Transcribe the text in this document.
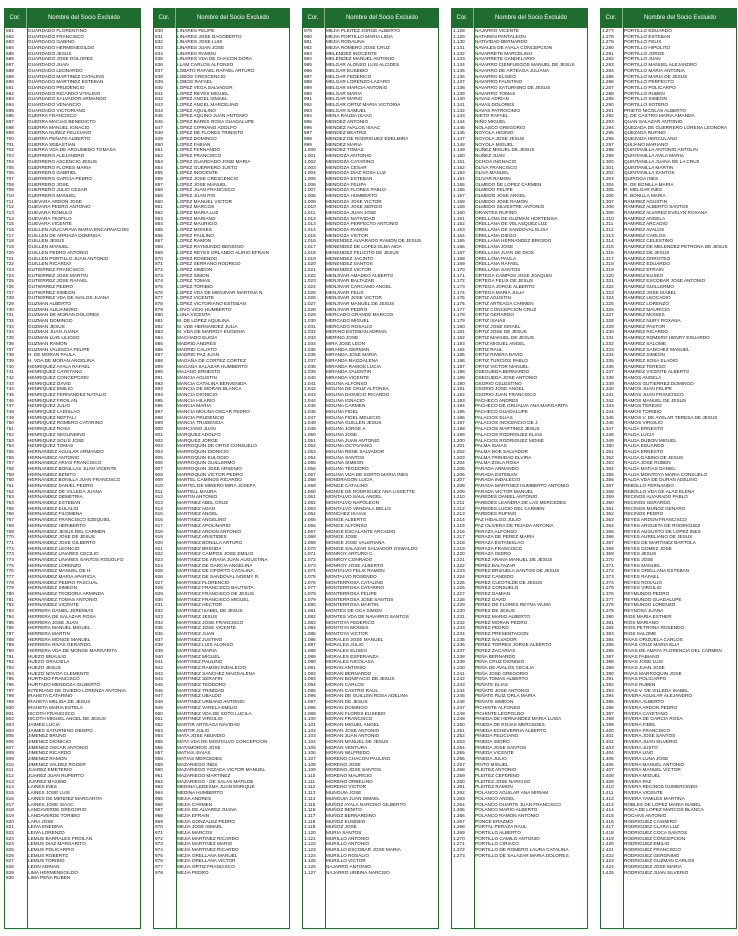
Cor.	Nombre del Socio Excluido
681	GUARDADO FLORENTINO
682	GUARDADO FRANCISCO
683	GUARDADO GABINO
684	GUARDADO HERMENEGILDO
685	GUARDADO JESUS
686	GUARDADO JOSE DOLORES
687	GUARDADO JUAN
688	GUARDADO LEONARDO
689	GUARDADO MARTINEZ CATALINO
690	GUARDADO MARTINEZ ESTEBAN
691	GUARDADO PRUDENCIO
692	GUARDADO RICARDO VITALINO
693	GUARDADO SALVADOR ARMANDO
694	GUARDADO VENANCIO
695	GUARDADO VICTORIANO
696	GUERRA FRANCISCO
697	GUERRA MACIAS BENEDICTO
698	GUERRA MANUEL IGNACIO
699	GUERRA NUÑEZ FELICIANO
700	GUERRA PEÑATE ALBERTO
701	GUERRA SEBASTIAN
702	GUERRA VDA DE ARGUMEDO TOMASA
703	GUERRERO ALEJANDRO
704	GUERRERO ASCENCIO JESUS
705	GUERRERO FLORES MARIA
706	GUERRERO GABRIEL
707	GUERRERO GARCIA PEDRO
708	GUERRERO JOSE
709	GUERRERO JULIO CESAR
710	GUERRERO MANUEL
711	GUEVARA ARDON JOSE
712	GUEVARA PEDRO ANTONIO
713	GUEVARA ROMULO
714	GUEVARA TEOFILO
715	GUEVARA VICENTE
716	GUILLEN AZUCARAVA MARIA ENCARNACION
717	GUILLEN DE ARRIAZA DOMINGA
718	GUILLEN JESUS
719	GUILLEN MANUEL
720	GUILLEN PEDRO ANTONIO
721	GUILLEN PORTILLO JUAN ANTONIO
722	GUILLEN RICARDO
723	GUTIERREZ FRANCISCO
724	GUTIERREZ JOSE MARTIN
725	GUTIERREZ JOSE RAFAEL
726	GUTIERREZ PEDRO
727	GUTIERREZ SIMEON
728	GUTIERREZ VDA DE AVALOS JUANA
729	GUZMAN ALBERTO
730	GUZMAN ALEJANDRO
731	GUZMAN DE MORAN DOLORES
732	GUZMAN DOMINGO
733	GUZMAN JESUS
734	GUZMAN JUAN JUANA
735	GUZMAN LUIS LILIOSO
736	GUZMAN RAMON
737	GUZMAN VALENCIA FELIPE
738	H. DE MORAN PAULA
739	H. VDA DE MORAN ANGELINA
740	HENRIQUEZ AYALA RAFAEL
741	HENRIQUEZ CAYETANO
742	HENRIQUEZ CONCEPCION
743	HENRIQUEZ DAVID
744	HENRIQUEZ EMILIO
745	HENRIQUEZ FERNANDEZ NATALIO
746	HENRIQUEZ FROILAN
747	HENRIQUEZ JULIO
748	HENRIQUEZ LADISLAO
749	HENRIQUEZ NEFTALI
750	HENRIQUEZ ROMERO CATARINO
751	HENRIQUEZ ROSA
752	HENRIQUEZ SEGUNDINO
753	HENRIQUEZ SOLIS JOSE
754	HENRIQUEZ TOMAS
755	HERNANDEZ AGUILAR ARMANDO
756	HERNANDEZ ANTONIO
757	HERNANDEZ ARIAS FRANCISCO
758	HERNANDEZ BONILLAS JUAN VICENTE
759	HERNANDEZ BENITO
760	HERNANDEZ BONILLA JUAN FRANCISCO
761	HERNANDEZ DANIEL PEDRO
762	HERNANDEZ DE VILLEDA JUANA
763	HERNANDEZ DEMETRIA
764	HERNANDEZ ESTEBAN
765	HERNANDEZ EULALIO
766	HERNANDEZ FILOMENA
767	HERNANDEZ FRANCISCO EZEQUIEL
768	HERNANDEZ HERIBERTO
769	HERNANDEZ JESUS DEL CARMEN
770	HERNANDEZ JOSE DE JESUS
771	HERNANDEZ JOSE GILBERTO
772	HERNANDEZ LEONCIO
773	HERNANDEZ LINARES CECILIO
774	HERNANDEZ LINARES SANTOS RODOLFO
775	HERNANDEZ LORENZO
776	HERNANDEZ MANUEL DE H.
777	HERNANDEZ MARIA APARICIA
778	HERNANDEZ PEDRO PASCUAL
779	HERNANDEZ SIMEON
780	HERNANDEZ TEODORA ARMINDA
781	HERNANDEZ TOMAS ANTONIO
782	HERNANDEZ VICENTE
783	HERRERA DANIEL JEREMIAS
784	HERRERA DE SALAZAR ROSA
785	HERRERA JOSE JUAN
786	HERRERA MANUEL MIGUEL
787	HERRERA MARTIN
788	HERRERA MONGE MANUEL
789	HERRERA RIVAS GERARDO
790	HERRERA VDA DE MONGE MARGARITA
791	HUEZO BRAULIO
792	HUEZO GRACIELA
793	HUEZO JESUS
794	HUEZO NOVOA CLEMENTE
795	HURTADO FRANCISCO
796	HURTADO MENDOZA GILBERTO
797	INTERIANO DE OVIEDO LORENZA ANTONIA
798	IRAHETA CATARINO
799	IRAHETA MELIDA DE JESUS
800	IRAHETA MARIA ESTELA
801	ISCOTH FRANCISCO
802	ISCOTH MIGUEL ANGEL DE JESUS
803	JAIMES LUCIA
804	JAIMES SATURNINO OBISPO
805	JIMENEZ BRUNO
806	JIMENEZ DIONICIO
807	JIMENEZ OSCAR ANTONIO
808	JIMENEZ RICARDO
809	JIMENEZ RAMON
810	JIMENEZ VALDEZ ROGER
811	JUAREZ EMETERIO
812	JUAREZ JUAN RUPERTO
813	JUAREZ MAXIMO
814	LAINES INES
815	LAINES JOSE LUIS
816	LAINES DE MENDEZ MARGARITA
817	LAINES JOSE ISAAC
818	LANDAVERDE GREGORIO
819	LANDAVERDE TORIBIO
820	LARA JOSE
821	LEIVA ENEDINA
822	LEIVA LORENZO
823	LEMUS BARRALES FROILAN
824	LEMUS DIAZ MARGARITO
825	LEMUS POLICARPIO
826	LEMUS ROBERTO
827	LEMUS TORIBIO
828	LEON ADRIAN
829	LIMA HERMENEGILDO
830	LIMA PEÑA RUBEN
Cor.	Nombre del Socio Excluido
830	LINARES FELIPE
831	LINARES JOSE DAGOBERTO
832	LINARES JOSE LUIS
833	LINARES JUAN JOSE
834	LINARES RAMON
835	LINARES VDA DE CHACON DORA
836	LLAM CARLOS ALFONSO
837	LOBATO RAFAEL RAFAEL ARTURO
838	LOBOS CRESCENCIO
839	LOBOS RAFAEL
840	LOPEZ VEGA SALVADOR
841	LOPEZ REYES MIGUEL
842	LOPEZ ANGEL ISMAEL
843	LOPEZ ANGEL MARCELINO
844	LOPEZ AQUILINO
845	LOPEZ AQUINO JUAN ANTONIO
846	LOPEZ BARES ROSA GUADALUPE
847	LOPEZ CIPRIANO ADOLFO
848	LOPEZ DE FLORES TRINISTO
849	LOPEZ DOMINGO
850	LOPEZ FABIAN
851	LOPEZ FERNANDO
852	LOPEZ FRANCISCO
853	LOPEZ GUARDADO JOSE MARIA
854	LOPEZ GUERRERO JUSTO
855	LOPEZ INOCENTE
856	LOPEZ JOSE CRESCENCIO
857	LOPEZ JOSE MANUEL
858	LOPEZ JUAN FRANCISCO
859	LOPEZ JUAN PIO
860	LOPEZ MANUEL VICTOR
861	LOPEZ MARCOS
862	LOPEZ MARIA LUZ
863	LOPEZ MARIANO
864	LOPEZ MAURICIO
865	LOPEZ MOISES
866	LOPEZ PAULINO
867	LOPEZ RAMON
868	LOPEZ RAYMUNDO BENIGNO
869	LOPEZ REYES ORLANDO ALIRIO EFRAIN
870	LOPEZ ROSENDO
871	LOPEZ SERRANO RODRIGO
872	LOPEZ SIMEON
873	LOPEZ SIMON
874	LOPEZ TOMAS
875	LOPEZ TORIBIO
876	LOPEZ VDA DE MENJIVAR MARTINA N.
877	LOPEZ VICENTE
878	LOPEZ VICTORIANO ESTEBAN
879	LOVO VICKI HUMBERTO
880	LUNA VICENTA
881	M. DE LOPEZ AQUILINA
882	M. VDE HERNANDEZ JULIA
883	M. VDA DE MARROY EUGENIA
884	MACHADO ELIGIA
885	MADRID ANDRES
886	MADRID CALIXTO
887	MADRID PAZ JUAN
888	MAGAÑA DE CORTEZ CORTEZ
889	MAGAÑA SALAZAR HUMBERTO
890	MAJANO ERNESTO
891	MANCIA AGUSTIN
892	MANCIA CATALINA BENVENIDA
893	MANCIA DE MORAN BLANCA
894	MANCIA DIONICIO
895	MANCIA HILARIO
896	MANCIA MARIA
897	MANCIA MOLINA OSCAR PEDRO
898	MANCIA PRUDENCIO
899	MANCIA TRUDENCIA
900	MARCIANO JUAN
901	MARQUEZ ADOLFO
902	MARQUEZ JORGE
903	MARROQUIN DE ORTIZ CONSUELO
904	MARROQUIN DIONICIO
905	MARROQUIN EULOGIO
906	MARROQUIN GUILLERMO
907	MARROQUIN JOSE ARSENIO
908	MARROQUIN VICTOR PEDRO
909	MARTEL CAMINOS RICARDO
910	MARTEL DE MINERO MIRA JOSEFA
911	MARTELL MAURA
912	MARTIN ANTONIO
913	MARTINEZ ABEL CRUZ
914	MARTINEZ ADAN
915	MARTINEZ ANGEL
916	MARTINEZ ANGELINO
917	MARTINEZ APOLINARIO
918	MARTINEZ ARDON ANTONIO
919	MARTINEZ ARISTIDES
920	MARTINEZ BONILLA ARTURO
921	MARTINEZ BRIGIDA
922	MARTINEZ CAMPOS JOSE EMILIO
923	MARTINEZ DE ARANA JUAN AUGUSTINA
924	MARTINEZ DE GARCIA ANGELINA
925	MARTINEZ DE OPORTO CATALINA
926	MARTINEZ DE SANDOVAL NOEMY R.
927	MARTINEZ FLORENCIO
928	MARTINEZ FRANCISCO BAUTISTA
929	MARTINEZ FRANCISCO DE JESUS
930	MARTINEZ FRANCISCO MIGUEL
931	MARTINEZ HECTOR
932	MARTINEZ ISABEL DE JESUS
933	MARTINEZ JESUS
934	MARTINEZ JOSE FRANCISCO
935	MARTINEZ JOSE VICENTE
936	MARTINEZ JUAN
937	MARTINEZ JUSTINO
938	MARTINEZ LUIS ALONSO
939	MARTINEZ MARIA
940	MARTINEZ MIGUEL
941	MARTINEZ PAULINO
942	MARTINEZ RAMON INDALECIO
943	MARTINEZ SANCHEZ MAGDALENA
944	MARTINEZ SERAFIN
945	MARTINEZ TEODORO
946	MARTINEZ TRINIDAD
947	MARTINEZ UBALDO
948	MARTINEZ URBANO ANTONIO
949	MARTINEZ VARELA EMILIO
950	MARTINEZ VDA DE SOTO LUCILA
951	MARTINEZ VIRGILIO
952	MARTIR ARTEAGA NAVIDAD
953	MARTIR JULIO
954	MATA JOSE ABUNDIO
955	MATA VDA DE MONTALVO CONCEPCION
956	MATAMOROS JOSE
957	MATIAS ISAIAS
958	MATIAS MERCEDES
959	MAZARIEGO INES
960	MAZARIEGO YGZADA VICTOR MANUEL
961	MAZARIEGO MARTINEZ
962	MAZARIEGO - DE SALAS MATILDE
963	MEDINA LEDESMA JUAN ENRIQUE
964	MEDINA HUMBERTO
965	MEJIA ANDRES
966	MEJIA CARMEN
967	MEJIA DE ALVAREZ JUANA
968	MEJIA EFRAIN
969	MEJIA GONZALEZ PEDRO
970	MEJIA JOSE ISMAEL
971	MEJIA MARCOS
972	MEJIA MARTINEZ RICARDO
973	MEJIA MARTINEZ MARIO
974	MEJIA MARTINEZ RICARDO
975	MEJIA ORELLANA MANUEL
976	MEJIA ORELLANA VICTOR
977	MEJIA ORTIZ FRANCISCO
978	MEJIA PEDRO
Cor.	Nombre del Socio Excluido
979	MEJIA PLEITEZ JORGE ALBERTO
980	MEJIA PORTILLO MARIA LIDIA
981	MEJIA RODALINA
982	MEJIA ROMERO JOSE CRUZ
983	MELENDEZ INOCENTE
984	MELENDEZ MANUEL ANTONIO
985	MELGAR ALONSO LUIS ALCIDES
986	MELGAR EUSEBIO
987	MELGAR FEDERICO
988	MELGAR LORENZO LAZARO
989	MELGAR MARCIA ANTONIO
990	MELGAR MARIA
991	MELGAR MARIO
992	MELGAR ORTIZ MARIA VICTORIA
993	MELGAR SAMUEL
994	MENA RAUDA ISAAC
995	MENDEZ ANTONIO
996	MENDEZ AVALOS ISAAC
997	MENDEZ BEATRIZ
998	MENDEZ DE RODRIGUEZ EDELMIRA
999	MENDEZ MARIA
1.000	MENDEZ TOMAS
1.001	MENDOZA ANTONIO
1.002	MENDOZA CATARINO
1.003	MENDOZA CESAR
1.004	MENDOZA DIAZ ROSA LUZ
1.005	MENDOZA ESTEBAN
1.006	MENDOZA FELIPA
1.007	MENDOZA FLORES PABLO
1.008	MENDOZA HUMBERTO
1.009	MENDOZA JOSE VICTOR
1.010	MENDOZA JOSE SERGIO
1.011	MENDOZA JUAN JOSE
1.012	MENDOZA NATIVIDAD
1.013	MENDOZA PERFECTO ANTONIO
1.014	MENDOZA RAMON
1.015	MENDOZA VICTOR
1.016	MENENDEZ ALVARADO RAMON DE JESUS
1.017	MENENDEZ DE LOPEZ ELBA AIDA
1.018	MENENDEZ FELICITO DE JESUS
1.019	MENENDEZ JACINTO
1.020	MENENDEZ SANTOS
1.021	MENENDEZ VICTOR
1.022	MENJIVAR AMADEO ALBERTO
1.023	MENJIVAR BALTAZAR
1.024	MENJIVAR CARCAMO ANGEL
1.025	MENJIVAR FELIX
1.026	MENJIVAR JOSE VICTOR
1.027	MENJIVAR MANUEL DE JESUS
1.028	MENJIVAR PEDRO
1.029	MERCADO GRANDE MARCOS
1.030	MERCADO MIGUEL
1.031	MERCADO ROSALIO
1.032	MERINO ESTEBAN ADRIAN
1.033	MERINO JOSE
1.034	MIRA JOSE LEON
1.035	MIRANDA GERMAN
1.036	MIRANDA JOSE MARIA
1.037	MIRANDA MAGDALENA
1.038	MIRANDA RAMOS LUCIA
1.039	MIRANDA VALENTIN
1.040	MIRANDA VICENTE
1.041	MOLINA ALFONSO
1.042	MOLINA DE CRUZ ALFONSA
1.043	MOLINA DIONICIO RICARDO
1.044	MOLINA IGNACIO
1.045	MOLINA CARMEN
1.046	MOLINA FIDEL
1.047	MOLINA FIDEL MELECIO
1.048	MOLINA GUILLEN JESUS
1.049	MOLINA JORGE A.
1.050	MOLINA JOSE
1.051	MOLINA JUAN ANTONIO
1.052	MOLINA OCTAVIANO
1.053	MOLINA RENE SALVADOR
1.054	MOLINA SANTOS
1.055	MOLINA SIMEON
1.056	MOLINA TEODORO
1.057	MOLINA VDA DE SORTO MARIA INES
1.058	MONDRAGON LUCIA
1.059	MONGE CATALINO
1.060	MONGE DE RODRIGUEZ ANA LISSETTE
1.061	MONTALVO SAUL ANGEL
1.062	MONTALVO NAPOLEON
1.063	MONTALVO VENDALA BELLO
1.064	MONCHEZ ISAIAS
1.065	MONGE ALBERTO
1.066	MONGE ALFONSO
1.067	MONGE ESCALANTE ARCADIO
1.068	MONGE JOSE
1.069	MONGE JOSE VALERIANA
1.070	MONGE SALAZAR SALVADOR OSWALDO
1.071	MONROY ARTURO C.
1.072	MONROY CONRADO
1.073	MONROY JOSE ALBERTO
1.074	MONTALVO FELIX RAMON
1.075	MONTALVO ROSENDO
1.076	MONTERROSA CATALINO
1.077	MONTERROSA CATARINO
1.078	MONTERROSA FELIPE
1.079	MONTERROSA JOSE SANTOS
1.080	MONTERROSA MARTIN
1.081	MONTES DE OCA SIMON
1.082	MONTES VDA DE NAVARRO SANTOS
1.083	MONTOYA FEDERICO
1.084	MONTOYA MOISES
1.085	MONTOYA VICTOR
1.086	MORALES JOSE MANUEL
1.087	MORALES JULIO
1.088	MORALES ELISEO
1.089	MORALES ESPERANZA
1.090	MORALES NICOLASA
1.091	MORAN ANTONIO
1.092	MORAN BERNARDO
1.093	MORAN BONIFACIO DE JESUS
1.094	MORAN CARLOS
1.095	MORAN CASTRO RAUL
1.096	MORAN DE GUILLEN ROSA ADELINA
1.097	MORAN DE JESUS
1.098	MORAN DOMINGO
1.099	MORAN FLORES EUSEBIO
1.100	MORAN FRANCISCO
1.101	MORAN MIGUEL ANGEL
1.102	MORAN JOSE ANTONIO
1.103	MORAN JUAN ANTONIO
1.104	MORAN MANUEL DE JESUS
1.105	MORAN VENTURA
1.106	MORAN WILFREDO
1.107	MORENO CHACON PAULINO
1.108	MORENO JOSE
1.109	MORENO JOSE SANTOS
1.110	MORENO MAURICIO
1.111	MORENO ORBELINO
1.112	MORENO VICTOR
1.113	MUNGUIA JOSE
1.114	MUNGUIA JUAN ISMAEL
1.115	MUÑOZ AYALA NARCISO GILBERTO
1.116	MUÑOZ BENITO
1.117	MUÑOZ BERNARDINO
1.118	MUÑOZ EUSEBIO
1.119	MUÑOZ JOSE
1.120	MURIA SANTOS
1.121	MURILLO ANTONIO
1.122	MURILLO ANTONIO
1.123	MURILLO ESCOBAR JOSE MARIA
1.124	MURILLO ROSALIO
1.125	MURILLO VICTOR
1.126	NAJARRO ANTONIO
1.127	NAJARRO URBINA NARCISO
Cor.	Nombre del Socio Excluido
1.128	NAJARRO VICENTE
1.129	NATAREN PANTALEON
1.130	NATIVIDAD BERNARDO
1.131	NAVALES DE AYALA CONCEPCION
1.132	NAVARRETE MARCELINO
1.133	NAVARRETE CANDELARIO
1.134	NAVARRO CIENFUEGOS MANUEL DE JESUS
1.135	NAVARRO DE ARTEAGA JULIANA
1.136	NAVARRO ELISEO
1.137	NAVARRO FAUSTINO
1.138	NAVARRO SATURNINO DE JESUS
1.139	NAVARRO TOMAS
1.140	NAVAS ADRIAN
1.141	NAVAS DOLORES
1.142	NAVAS PATROCINIO
1.143	NIETO RAFAEL
1.144	NIÑO MIGUEL
1.145	NOLASCO GREGORIO
1.146	NOYOLA HIGINIO
1.147	NOYOLA JOSE JESUS
1.148	NOYOLA MIGUEL
1.149	NUÑEZ MIGUEL DE JESUS
1.150	NUÑEZ JUAN
1.151	OCHOA INGNACIO
1.152	OLIVA FRANCISCO
1.153	OLIVA MANUEL
1.154	OLIVAR RAMON
1.155	OLMEDO DE LOPEZ CARMEN
1.156	OLMEDO FELIPE
1.157	OLMEDO JOSE ANGEL
1.158	OLMEDO JOSE RAMON
1.159	OLMEDO SILVESTRE ANTONIO
1.160	ORANTES RUFINO
1.161	ORELLANA DE GUZMAN HORTENSIA
1.162	ORELLANA DE VELASQUEZ LUZ
1.163	ORELLANA DE SANDOVAL ELISA
1.164	ORELLANA DIEGO
1.165	ORELLANA HERNANDEZ BRIGIDO
1.166	ORELLANA JOSE
1.167	ORELLANA JUAN DE DIOS
1.168	ORELLANA PAULA
1.169	ORELLANA RAFAEL
1.170	ORELLANA SANTOS
1.171	ORTEGA CAMPOS JOSE JOAQUIN
1.172	ORTEGA FELIX DE JESUS
1.173	ORTEGA JORGE ALBERTO
1.174	ORTEGA MARIA JULIA
1.175	ORTIZ AGUSTIN
1.176	ORTIZ ARTEAGA CARMEN
1.177	ORTIZ CONCEPCION CRUZ
1.178	ORTIZ GERARDO
1.179	ORTIZ ISAIAS
1.180	ORTIZ JOSE ISRAEL
1.181	ORTIZ JOSE DE JESUS
1.182	ORTIZ MANUEL DE JESUS
1.183	ORTIZ MIGUEL ANGEL
1.184	ORTIZ RAUL
1.185	ORTIZ RIVERA DAVID
1.186	ORTIZ TURCIOS PABLO
1.187	ORTIZ VICTOR MANUEL
1.188	OSEGUEDA BERNARDO
1.189	OSEGUEDA JOSE ANTONIO
1.190	OSORIO CELESTINO
1.191	OSORIO JOSE ANGEL
1.192	OSORIO JUAN FRANCISCO
1.193	PACHECO ANDRES
1.194	PACHECO DE GRIJALVA ANA MARGARITA
1.195	PACHECO GUADALUPE
1.196	PALACIOS ELIAS
1.197	PALACIOS INOCENCIO DE J.
1.198	PALACIOS MARTINEZ JESUS
1.199	PALACIOS RODRIGUEZ ELIAS
1.200	PALACIOS RODRIGUEZ MOISE
1.201	PALMA ISAIAS
1.202	PALMA NOE SALVADOR
1.203	PALMA TRINIDAD ELVIRA
1.204	PALMA ZOILA ROSA
1.205	PARADA ARMANDO
1.206	PARADA ESTEBAN
1.207	PARADA INDALECIO
1.208	PARADA MARTINEZ HUMBERTO ANTONIO
1.209	PARADA VICTOR MANUEL
1.210	PAREDES DANIEL ANTONIO
1.211	PAREDES LEANDRA DE LAS MERCEDES
1.212	PAREDES LUCIO DEL CARMEN
1.213	PAREDES RUFINO
1.214	PAZ HIDALGO JULIO
1.215	PAZ OLIVERA DE TEJADA ANTONIA
1.216	PERAZA ALFONSO
1.217	PERAZA DE PEREZ MARIA
1.218	PERAZA ESTANISLAO
1.219	PERAZA FRANCISCO
1.220	PERAZA ISIDRO
1.221	PEREZ ARANA MANUEL DE JESUS
1.222	PEREZ BALTAZAR
1.223	PEREZ BRIZUELA SANTOS DE JESUS
1.224	PEREZ CANDIDO
1.225	PEREZ CLEOTILDE DE JESUS
1.226	PEREZ CONSUELO
1.227	PEREZ DAMIAN
1.228	PEREZ DAVID
1.229	PEREZ DE FLORES REYNA VILMA
1.230	PEREZ DE JESUS
1.231	PEREZ MARIO ALBERTO
1.232	PEREZ MORAN PEDRO
1.233	PEREZ PEDRO
1.234	PEREZ PRESENTACION
1.235	PEREZ SALVADOR
1.236	PEREZ TORRES JORGE ALBERTO
1.237	PEREZ ZACARIAS
1.238	PEÑA BERNARDO
1.239	PEÑA CRUZ DIONISIO
1.240	PEÑA DE AVALOS CECILIA
1.241	PEÑA JOSE GREGORIO
1.242	PEÑA TOMAS ALBERTO
1.243	PEÑATE ELIAS
1.244	PEÑATE JOSE ANTONIO
1.245	PEÑATE RUIZ ORLA MAIRA
1.246	PEÑATE SIMEON
1.247	PICHINTE ALFONSO
1.248	PICHINTE LEOPOLDO
1.249	PINEDA DE HERNANDEZ MARIA LUISA
1.250	PINEDA DE ROJAS MERCEDES
1.251	PINEDA ECHEVERRIA ALBERTO
1.252	PINEDA FELICIANO
1.253	PINEDA ISIDRO
1.254	PINEDA JOSE SANTOS
1.255	PINEDA VICENTE
1.256	PINEDA JULIO
1.257	PINTO MIGUEL
1.258	PLEITEZ ANTONIO
1.259	PLEITEZ CEFERINO
1.260	PLEITEZ JOSE NARCISO
1.261	PLEITEZ RAMON
1.262	POLANCO AGUILAR ANA MIRIAM
1.263	POLANCO ANGEL
1.264	POLANCO DUARTE JUAN FRANCISCO
1.265	POLANCO MARIO ALBERTO
1.266	POLANCO RAMON ANTONIO
1.267	PONCE ERAZMO
1.268	PORTAL PERAZA RAUL
1.269	PORTILLO ALBERTO
1.270	PORTILLO CAMILO ANTONIO
1.271	PORTILLO CIRIACO
1.272	PORTILLO DE ROMERO LAURA CATALINA
1.273	PORTILLO DE SALAZAR MARIA DOLORES
Cor.	Nombre del Socio Excluido
1.277	PORTILLO EDUARDO
1.278	PORTILLO ESTEBAN
1.279	PORTILLO FELIX
1.280	PORTILLO HIPOLITO
1.281	PORTILLO JORGE
1.282	PORTILLO JUAN
1.283	PORTILLO MANUEL ALEJANDRO
1.284	PORTILLO MARIA ANTONIA
1.285	PORTILLO MARIA DE JESUS
1.286	PORTILLO PERFECTO
1.287	PORTILLO POLICARPO
1.288	PORTILLO RUBEN
1.289	PORTILLO SIMEON
1.290	PORTILLO SOTERO
1.291	PRIETO NICOLAS ALBERTO
1.292	Q. DE CASTRO MARIA AMANDA
1.293	QUAN SALAZAR ANTONIO
1.294	QUEZADA DE GUERRERO LORENA LEONORA
1.295	QUEZADA RUFINO
1.296	QUEZADA HERCULANO
1.297	QUIJANO MARIANO
1.298	QUINTANILLA ANTONIO ANTOLIN
1.299	QUINTANILLA AVILA MARIA
1.300	QUINTANILLA JUANA DE LA CRUZ
1.301	QUINTANILLA MARTIN
1.302	QUINTANILLA SANTOS
1.303	QUIROGA INES
1.304	R. DE BONILLA MARIA
1.305	R. MELGAR INES
1.306	R. BONILLA MARIA
1.307	RAMIREZ AGUSTIN
1.308	RAMIREZ ALBERTO SANTOS
1.309	RAMIREZ ALVAREZ EVELYN ROXANA
1.310	RAMIREZ ANGELA
1.311	RAMIREZ ARCADIO
1.312	RAMIREZ AVALOS
1.313	RAMIREZ CARLOS
1.314	RAMIREZ CELESTINO
1.315	RAMIREZ DE MELENDEZ PETRONA DE JESUS
1.316	RAMIREZ DE JESUS
1.317	RAMIREZ DOROTEO
1.318	RAMIREZ EDUARDO
1.319	RAMIREZ EFRAIN
1.320	RAMIREZ ELISEO
1.321	RAMIREZ ESCOBAR JOSE ANTONIO
1.322	RAMIREZ GUILLERMO
1.323	RAMIREZ JOSE ISABEL
1.324	RAMIREZ LEOCADIO
1.325	RAMIREZ LORENZO
1.326	RAMIREZ MAURICIO
1.327	RAMIREZ MOISES
1.328	RAMIREZ NURY ROXANA
1.329	RAMIREZ PASTOR
1.330	RAMIREZ RICARDO
1.331	RAMIREZ ROMERO HENRY EDUARDO
1.332	RAMIREZ SALOME
1.333	RAMIREZ SANCHEZ MANUEL
1.334	RAMIREZ SIMEON
1.335	RAMIREZ SOSA ELADIO
1.336	RAMIREZ TERESO
1.337	RAMIREZ VICENTE ALBERTO
1.338	RAMOS ANGELA
1.339	RAMOS GUTIERREZ DOMINGO
1.340	RAMOS JUAN FELIPE
1.341	RAMOS JUAN FRANCISCO
1.342	RAMOS MANUEL DE JESUS
1.343	RAMOS TERESO
1.344	RAMOS TORIBIO
1.345	RAMOS V. DE AYELAR TERESA DE JESUS
1.346	RAMOS VIRGILIO
1.347	RALDA ERNESTO
1.348	RALDA LUCIA
1.349	RALDA DUBON MIGUEL
1.350	RALDA EDUARDO
1.351	RALDA ERNESTO
1.352	RALDA GABINO DE JESUS
1.353	RALDA JOSE RUBEN
1.354	RALDA MATIAS DANIEL
1.355	RALDA MONTOYA MARIA CONSUELO
1.356	RALDA VDA DE DURAN ADELINO
1.357	REBOLLO FERNANDO
1.358	REBOLLO VDA DE ALAS ELENA
1.359	RECINOS ALVARADO PABLO
1.360	RECINOS GERARDO
1.361	RECINOS MUÑOZ GENARO
1.362	RECINOS PEDRO
1.363	REYES ARDON FRANCISCO
1.364	REYES ARGUETA DE RODRIGUEZ
1.365	REYES AUGUSTO DE LOPEZ INES
1.366	REYES AURELIANO DE JESUS
1.367	REYES DE MARTINEZ BARTOLA
1.368	REYES GOMEZ JOSE
1.369	REYES JESUS
1.370	REYES JOSE
1.371	REYES MANUEL
1.372	REYES ORELLANA ESTEBAN
1.373	REYES RAFAEL
1.374	REYES ROSALIO
1.375	REYES VIRGILIO
1.376	REYMUNDO PEDRO
1.377	REYMUNDO GUADALUPE
1.378	REYMUNDO LORENZO
1.379	REYNOSA JUANA
1.380	RIOS MARIA ESTHER
1.381	RIOS MARIANO
1.382	RIOS PETRONA ROSENDO
1.383	RIOS SALOME
1.384	RIVAS ORIZUELA CARLOS
1.385	RIVAS CRUZ MARIA ELIA
1.386	RIVAS DE AMAYA FLORENCIA DEL CARMEN
1.387	RIVAS FABIANO
1.388	RIVAS JOSE LUIS
1.389	RIVAS JUAN JOSE
1.390	RIVAS MARROQUIN JOSE
1.391	RIVAS POLICARPO
1.392	RIVAS RUBEN
1.393	RIVAS V. DE VILLEDA ISABEL
1.394	RIVERA AGUILAR ALEJANDRO
1.395	RIVERA ALBERTO
1.396	RIVERA ARDON PEDRO
1.397	RIVERA CAYETANO
1.398	RIVERA DE GARCIA ROSA
1.399	RIVERA FIDEL
1.400	RIVERA FRANCISCO
1.401	RIVERA JOSE SANTOS
1.402	RIVERA JUAN SILVERIO
1.403	RIVERA JUSTO
1.404	RIVERA LINO
1.405	RIVERA LUNA JOSE
1.406	RIVERA MANUEL ANTONIO
1.407	RIVERA MANUEL VICTOR
1.408	RIVERA MIGUEL
1.409	RIVERA PAZ
1.410	RIVERA RECINOS GUMERCINDO
1.411	RIVERA VICENTE
1.412	RIVERA YAMILES MARTINA
1.413	ROBLES DE LOPEZ MARIA ISABEL
1.414	ROCA DE LOPEZ MARCOS BLANCA
1.415	ROCHAS ANTONIO
1.416	RODRIGUEZ CASIMIRO
1.417	RODRIGUEZ CLARA LUZ
1.418	RODRIGUEZ COCA SANTOS
1.419	RODRIGUEZ CONCEPCION
1.420	RODRIGUEZ EMILIO
1.421	RODRIGUEZ FRANCISCO
1.422	RODRIGUEZ GERONIMO
1.423	RODRIGUEZ GUZMAN CARLOS
1.424	RODRIGUEZ JOSE MARIA
1.425	RODRIGUEZ JUAN SILVERIO
